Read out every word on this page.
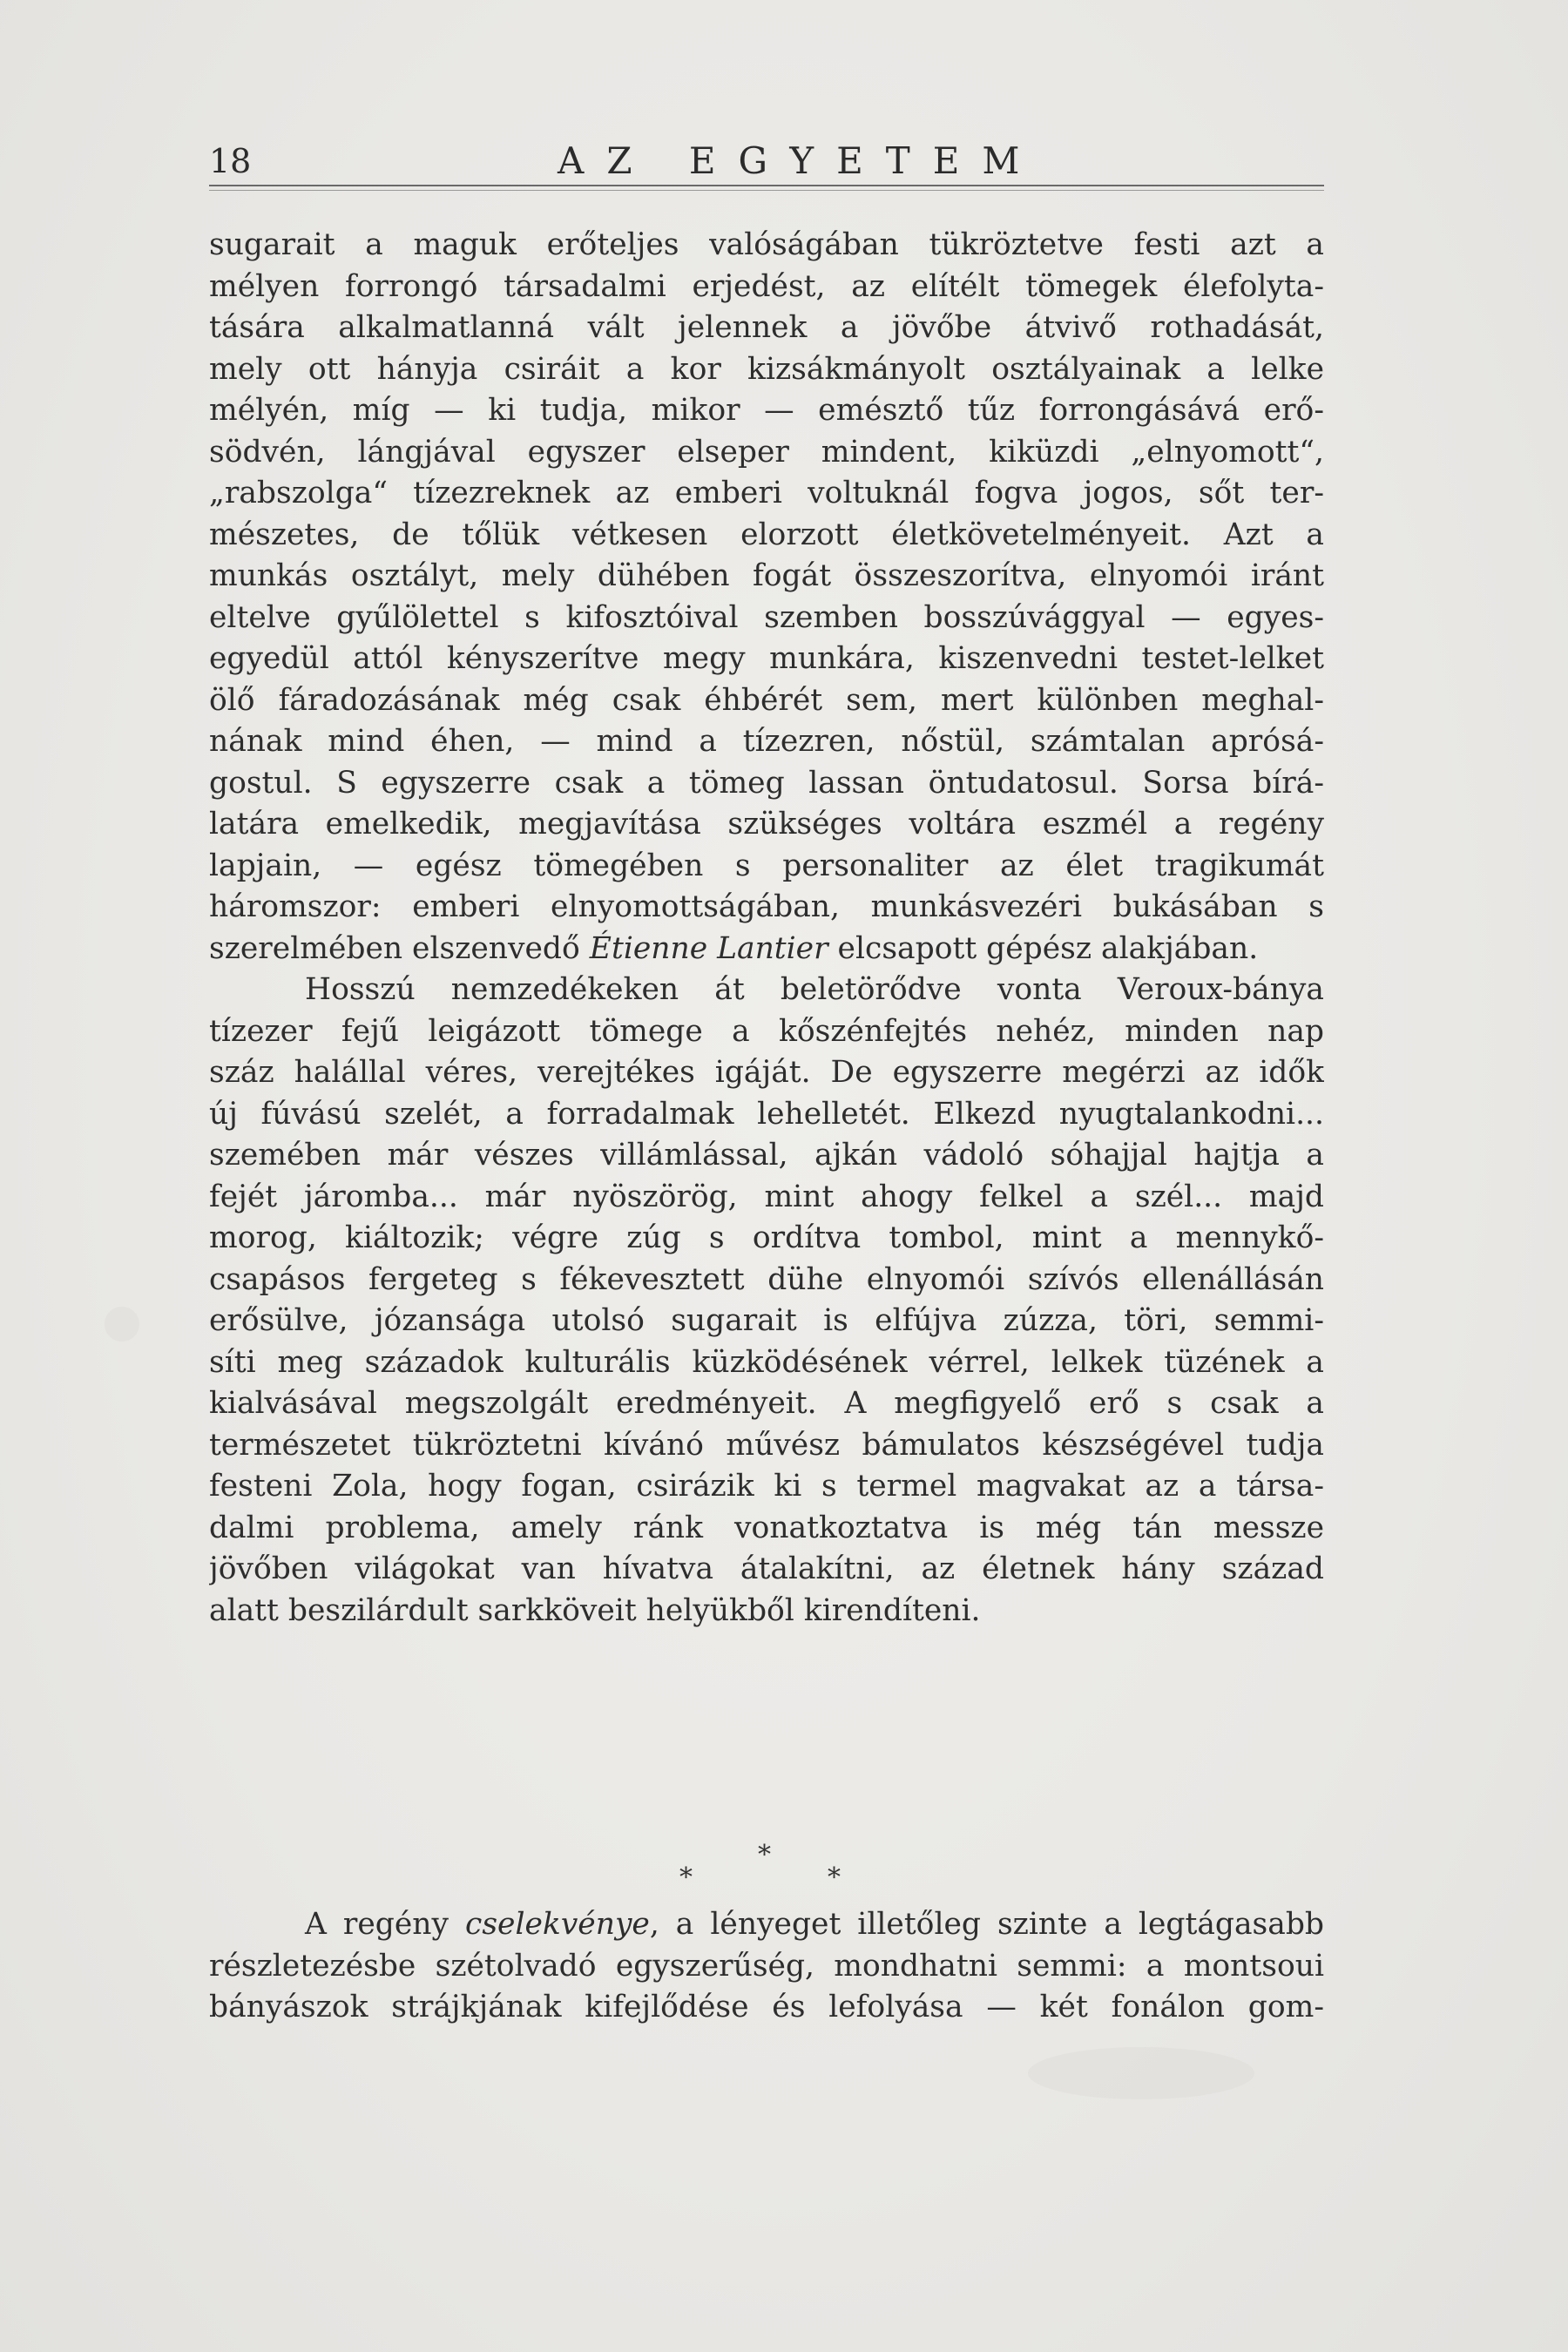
18	AZ EGYETEM
sugarait a maguk erőteljes valóságában tükröztetve festi azt a
mélyen forrongó társadalmi erjedést, az elítélt tömegek élefolyta-
tására alkalmatlanná vált jelennek a jövőbe átvivő rothadását,
mely ott hányja csiráit a kor kizsákmányolt osztályainak a lelke
mélyén, míg — ki tudja, mikor — emésztő tűz forrongásává erő-
södvén, lángjával egyszer elseper mindent, kiküzdi „elnyomott“,
„rabszolga“ tízezreknek az emberi voltuknál fogva jogos, sőt ter-
mészetes, de tőlük vétkesen elorzott életkövetelményeit. Azt a
munkás osztályt, mely dühében fogát összeszorítva, elnyomói iránt
eltelve gyűlölettel s kifosztóival szemben bosszúvággyal — egyes-
egyedül attól kényszerítve megy munkára, kiszenvedni testet-lelket
ölő fáradozásának még csak éhbérét sem, mert különben meghal-
nának mind éhen, — mind a tízezren, nőstül, számtalan aprósá-
gostul. S egyszerre csak a tömeg lassan öntudatosul. Sorsa bírá-
latára emelkedik, megjavítása szükséges voltára eszmél a regény
lapjain, — egész tömegében s personaliter az élet tragikumát
háromszor: emberi elnyomottságában, munkásvezéri bukásában s
szerelmében elszenvedő Étienne Lantier elcsapott gépész alakjában.
Hosszú nemzedékeken át beletörődve vonta Veroux-bánya
tízezer fejű leigázott tömege a kőszénfejtés nehéz, minden nap
száz halállal véres, verejtékes igáját. De egyszerre megérzi az idők
új fúvású szelét, a forradalmak lehelletét. Elkezd nyugtalankodni...
szemében már vészes villámlással, ajkán vádoló sóhajjal hajtja a
fejét járomba... már nyöszörög, mint ahogy felkel a szél... majd
morog, kiáltozik; végre zúg s ordítva tombol, mint a mennykő-
csapásos fergeteg s fékevesztett dühe elnyomói szívós ellenállásán
erősülve, józansága utolsó sugarait is elfújva zúzza, töri, semmi-
síti meg századok kulturális küzködésének vérrel, lelkek tüzének a
kialvásával megszolgált eredményeit. A megfigyelő erő s csak a
természetet tükröztetni kívánó művész bámulatos készségével tudja
festeni Zola, hogy fogan, csirázik ki s termel magvakat az a társa-
dalmi problema, amely ránk vonatkoztatva is még tán messze
jövőben világokat van hívatva átalakítni, az életnek hány század
alatt beszilárdult sarkköveit helyükből kirendíteni.
*
*	*
A regény cselekvénye, a lényeget illetőleg szinte a legtágasabb
részletezésbe szétolvadó egyszerűség, mondhatni semmi: a montsoui
bányászok strájkjának kifejlődése és lefolyása — két fonálon gom-
